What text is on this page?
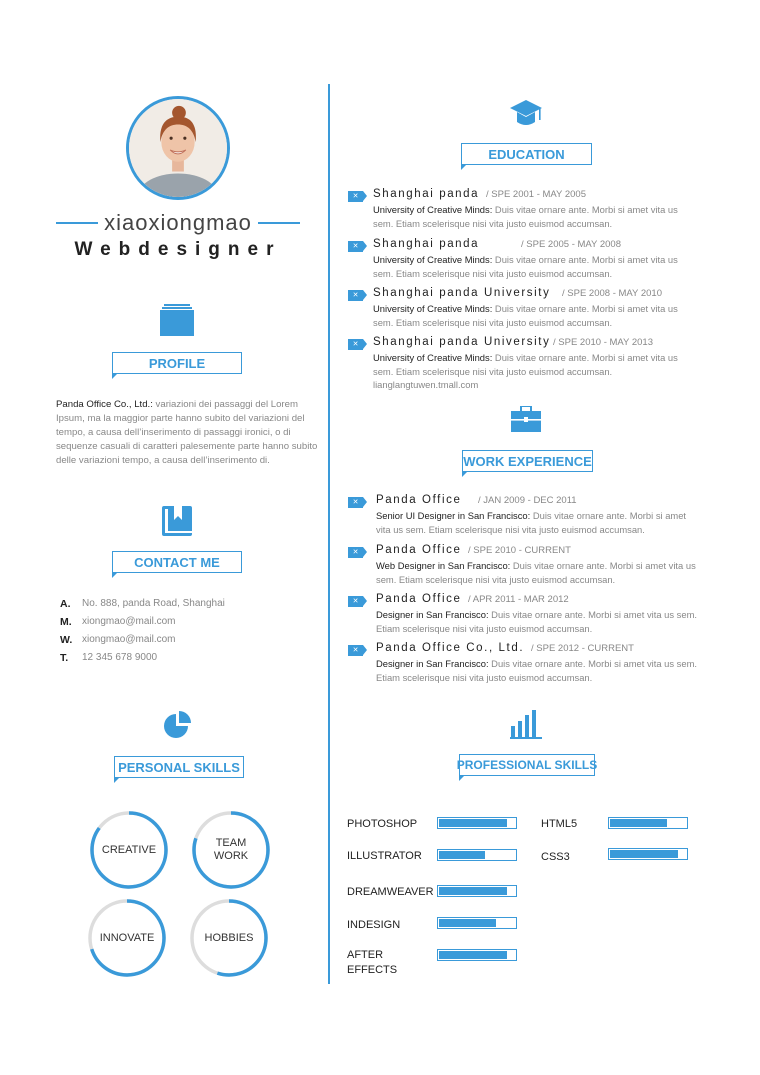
xiaoxiongmao
Webdesigner
PROFILE
Panda Office Co., Ltd.: variazioni dei passaggi del Lorem Ipsum, ma la maggior parte hanno subito del variazioni del tempo, a causa dell’inserimento di passaggi ironici, o di sequenze casuali di caratteri palesemente parte hanno subito delle variazioni tempo, a causa dell’inserimento di.
CONTACT ME
A.	No. 888, panda Road, Shanghai
M.	xiongmao@mail.com
W. xiongmao@mail.com
T.	12 345 678 9000
PERSONAL SKILLS
CREATIVE
TEAM
WORK
INNOVATE	HOBBIES
EDUCATION
✕	Shanghai panda / SPE 2001 - MAY 2005
University of Creative Minds: Duis vitae ornare ante. Morbi si amet vita us sem. Etiam scelerisque nisi vita justo euismod accumsan.
✕	Shanghai panda	/ SPE 2005 - MAY 2008
University of Creative Minds: Duis vitae ornare ante. Morbi si amet vita us sem. Etiam scelerisque nisi vita justo euismod accumsan.
✕	Shanghai panda University / SPE 2008 - MAY 2010
University of Creative Minds: Duis vitae ornare ante. Morbi si amet vita us sem. Etiam scelerisque nisi vita justo euismod accumsan.
✕	Shanghai panda University / SPE 2010 - MAY 2013
University of Creative Minds: Duis vitae ornare ante. Morbi si amet vita us sem. Etiam scelerisque nisi vita justo euismod accumsan. lianglangtuwen.tmall.com
WORK EXPERIENCE
✕	Panda Office / JAN 2009 - DEC 2011
Senior UI Designer in San Francisco: Duis vitae ornare ante. Morbi si amet vita us sem. Etiam scelerisque nisi vita justo euismod accumsan.
✕	Panda Office / SPE 2010 - CURRENT
Web Designer in San Francisco: Duis vitae ornare ante. Morbi si amet vita us sem. Etiam scelerisque nisi vita justo euismod accumsan.
✕	Panda Office / APR 2011 - MAR 2012
Designer in San Francisco: Duis vitae ornare ante. Morbi si amet vita us sem. Etiam scelerisque nisi vita justo euismod accumsan.
✕	Panda Office Co., Ltd. / SPE 2012 - CURRENT
Designer in San Francisco: Duis vitae ornare ante. Morbi si amet vita us sem. Etiam scelerisque nisi vita justo euismod accumsan.
PROFESSIONAL SKILLS
PHOTOSHOP
ILLUSTRATOR
DREAMWEAVER
INDESIGN
AFTER
EFFECTS
HTML5
CSS3
